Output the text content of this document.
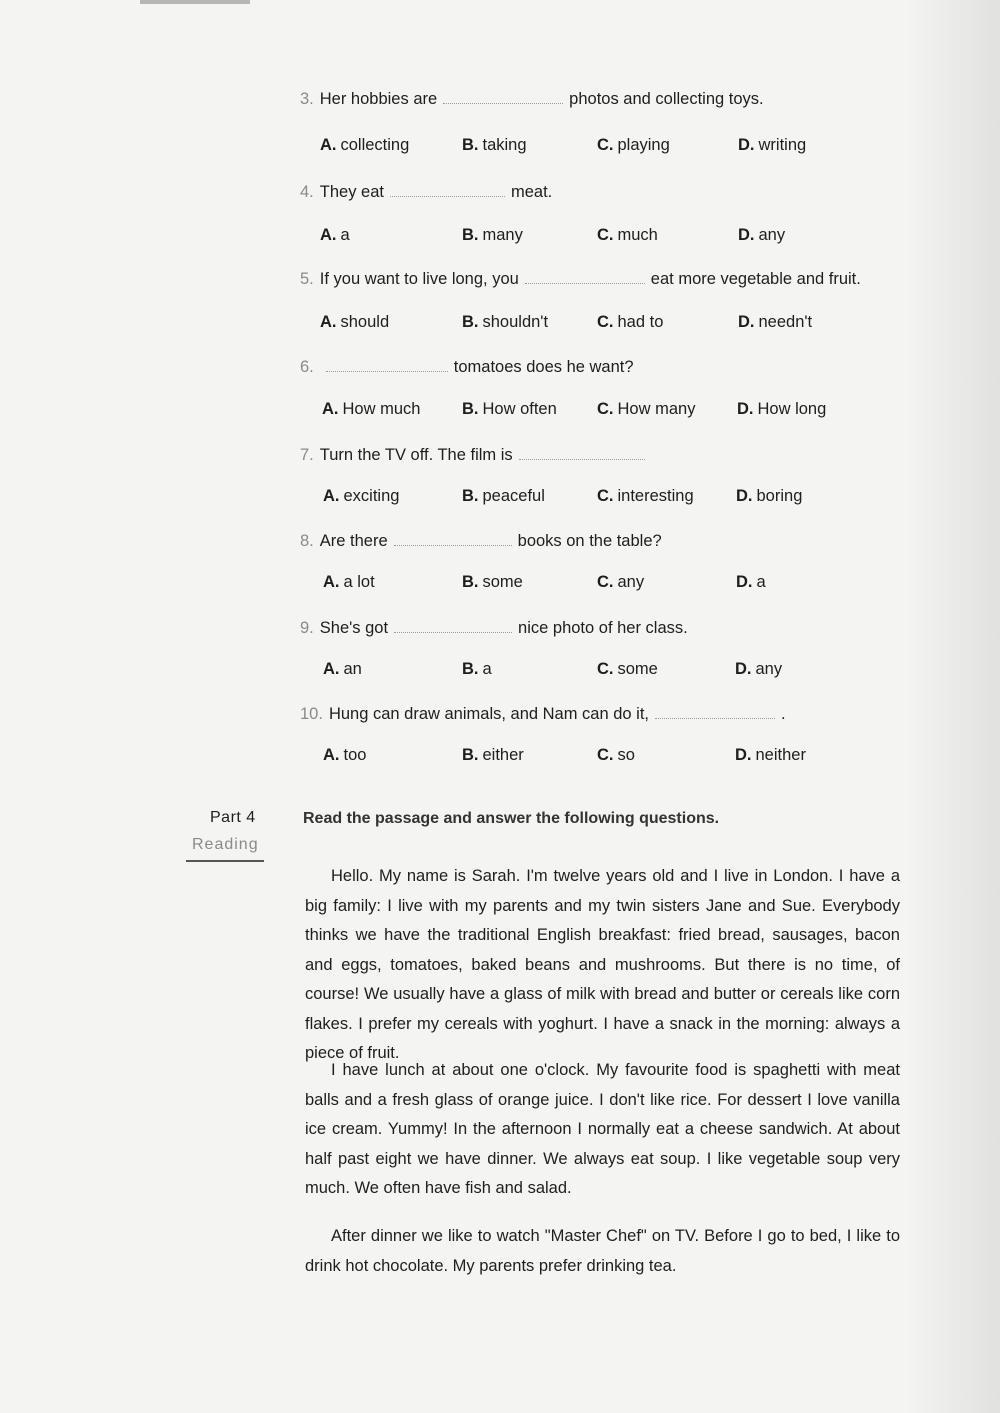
3. Her hobbies are	photos and collecting toys.
A. collecting	B. taking	C. playing	D. writing
4. They eat	meat.
A. a	B. many	C. much	D. any
5. If you want to live long, you	eat more vegetable and fruit.
A. should	B. shouldn't	C. had to	D. needn't
6.	tomatoes does he want?
A. How much	B. How often C. How many	D. How long
7. Turn the TV off. The film is
A. exciting	B. peaceful	C. interesting	D. boring
8. Are there	books on the table?
A. a lot	B. some	C. any	D. a
9. She's got	nice photo of her class.
A. an	B. a	C. some	D. any
10. Hung can draw animals, and Nam can do it,	.
A. too	B. either	C. so	D. neither
Part 4
Reading
Read the passage and answer the following questions.

Hello. My name is Sarah. I'm twelve years old and I live in London. I have a big family: I live with my parents and my twin sisters Jane and Sue. Everybody thinks we have the traditional English breakfast: fried bread, sausages, bacon and eggs, tomatoes, baked beans and mushrooms. But there is no time, of course! We usually have a glass of milk with bread and butter or cereals like corn flakes. I prefer my cereals with yoghurt. I have a snack in the morning: always a piece of fruit.

I have lunch at about one o'clock. My favourite food is spaghetti with meat balls and a fresh glass of orange juice. I don't like rice. For dessert I love vanilla ice cream. Yummy! In the afternoon I normally eat a cheese sandwich. At about half past eight we have dinner. We always eat soup. I like vegetable soup very much. We often have fish and salad.

After dinner we like to watch "Master Chef" on TV. Before I go to bed, I like to drink hot chocolate. My parents prefer drinking tea.
